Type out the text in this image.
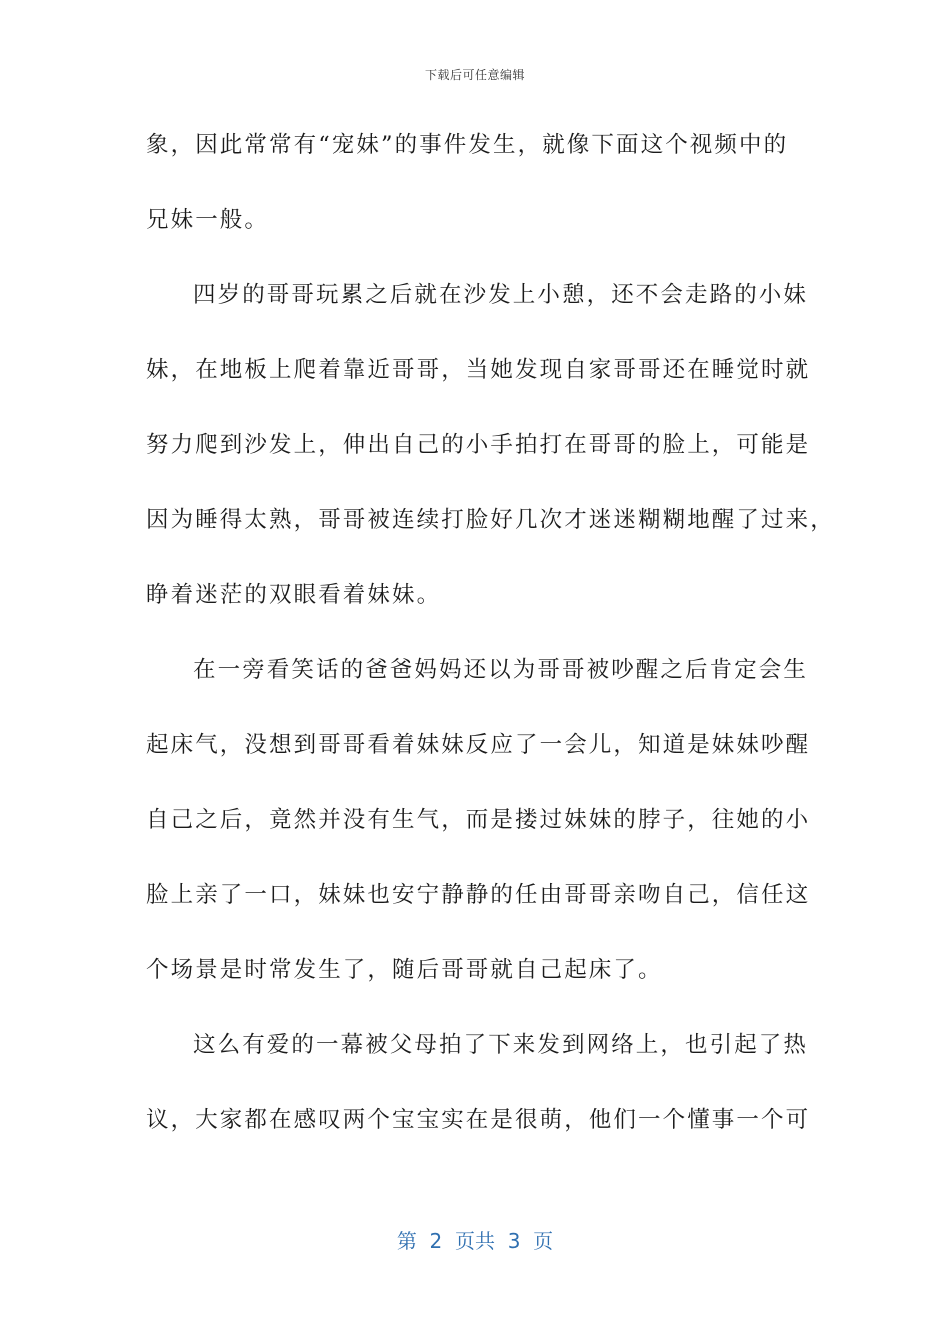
下载后可任意编辑
象，因此常常有“宠妹”的事件发生，就像下面这个视频中的
兄妹一般。
四岁的哥哥玩累之后就在沙发上小憩，还不会走路的小妹
妹，在地板上爬着靠近哥哥，当她发现自家哥哥还在睡觉时就
努力爬到沙发上，伸出自己的小手拍打在哥哥的脸上，可能是
因为睡得太熟，哥哥被连续打脸好几次才迷迷糊糊地醒了过来，
睁着迷茫的双眼看着妹妹。
在一旁看笑话的爸爸妈妈还以为哥哥被吵醒之后肯定会生
起床气，没想到哥哥看着妹妹反应了一会儿，知道是妹妹吵醒
自己之后，竟然并没有生气，而是搂过妹妹的脖子，往她的小
脸上亲了一口，妹妹也安宁静静的任由哥哥亲吻自己，信任这
个场景是时常发生了，随后哥哥就自己起床了。
这么有爱的一幕被父母拍了下来发到网络上，也引起了热
议，大家都在感叹两个宝宝实在是很萌，他们一个懂事一个可
第  2  页共  3  页
